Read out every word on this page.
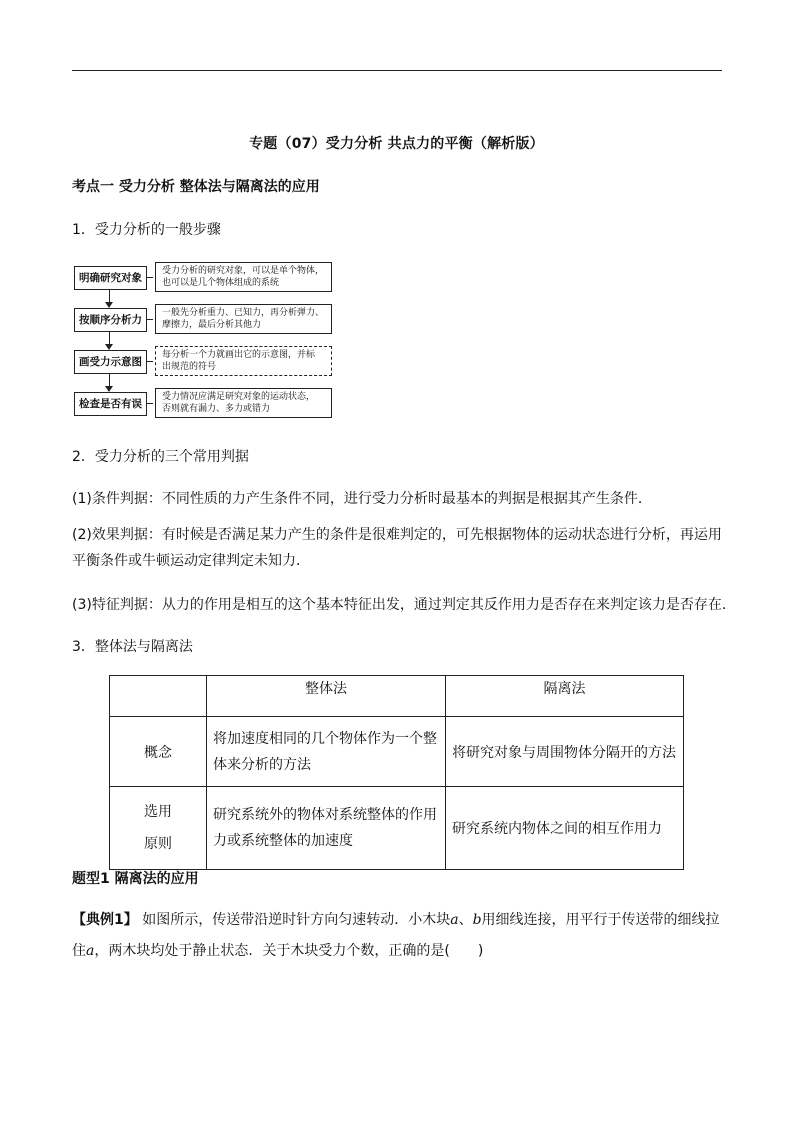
专题（07）受力分析 共点力的平衡（解析版）
考点一 受力分析 整体法与隔离法的应用
1．受力分析的一般步骤
明确研究对象
受力分析的研究对象，可以是单个物体，
也可以是几个物体组成的系统
按顺序分析力
一般先分析重力、已知力，再分析弹力、
摩擦力，最后分析其他力
画受力示意图
每分析一个力就画出它的示意图，并标
出规范的符号
检查是否有误
受力情况应满足研究对象的运动状态，
否则就有漏力、多力或错力
2．受力分析的三个常用判据
(1)条件判据：不同性质的力产生条件不同，进行受力分析时最基本的判据是根据其产生条件．
(2)效果判据：有时候是否满足某力产生的条件是很难判定的，可先根据物体的运动状态进行分析，再运用平衡条件或牛顿运动定律判定未知力．
(3)特征判据：从力的作用是相互的这个基本特征出发，通过判定其反作用力是否存在来判定该力是否存在．
3．整体法与隔离法
	整体法	隔离法
概念	将加速度相同的几个物体作为一个整体来分析的方法	将研究对象与周围物体分隔开的方法

选用
原则	研究系统外的物体对系统整体的作用力或系统整体的加速度	研究系统内物体之间的相互作用力
题型1 隔离法的应用
【典例1】 如图所示，传送带沿逆时针方向匀速转动．小木块a、b用细线连接，用平行于传送带的细线拉住a，两木块均处于静止状态．关于木块受力个数，正确的是(　　)
